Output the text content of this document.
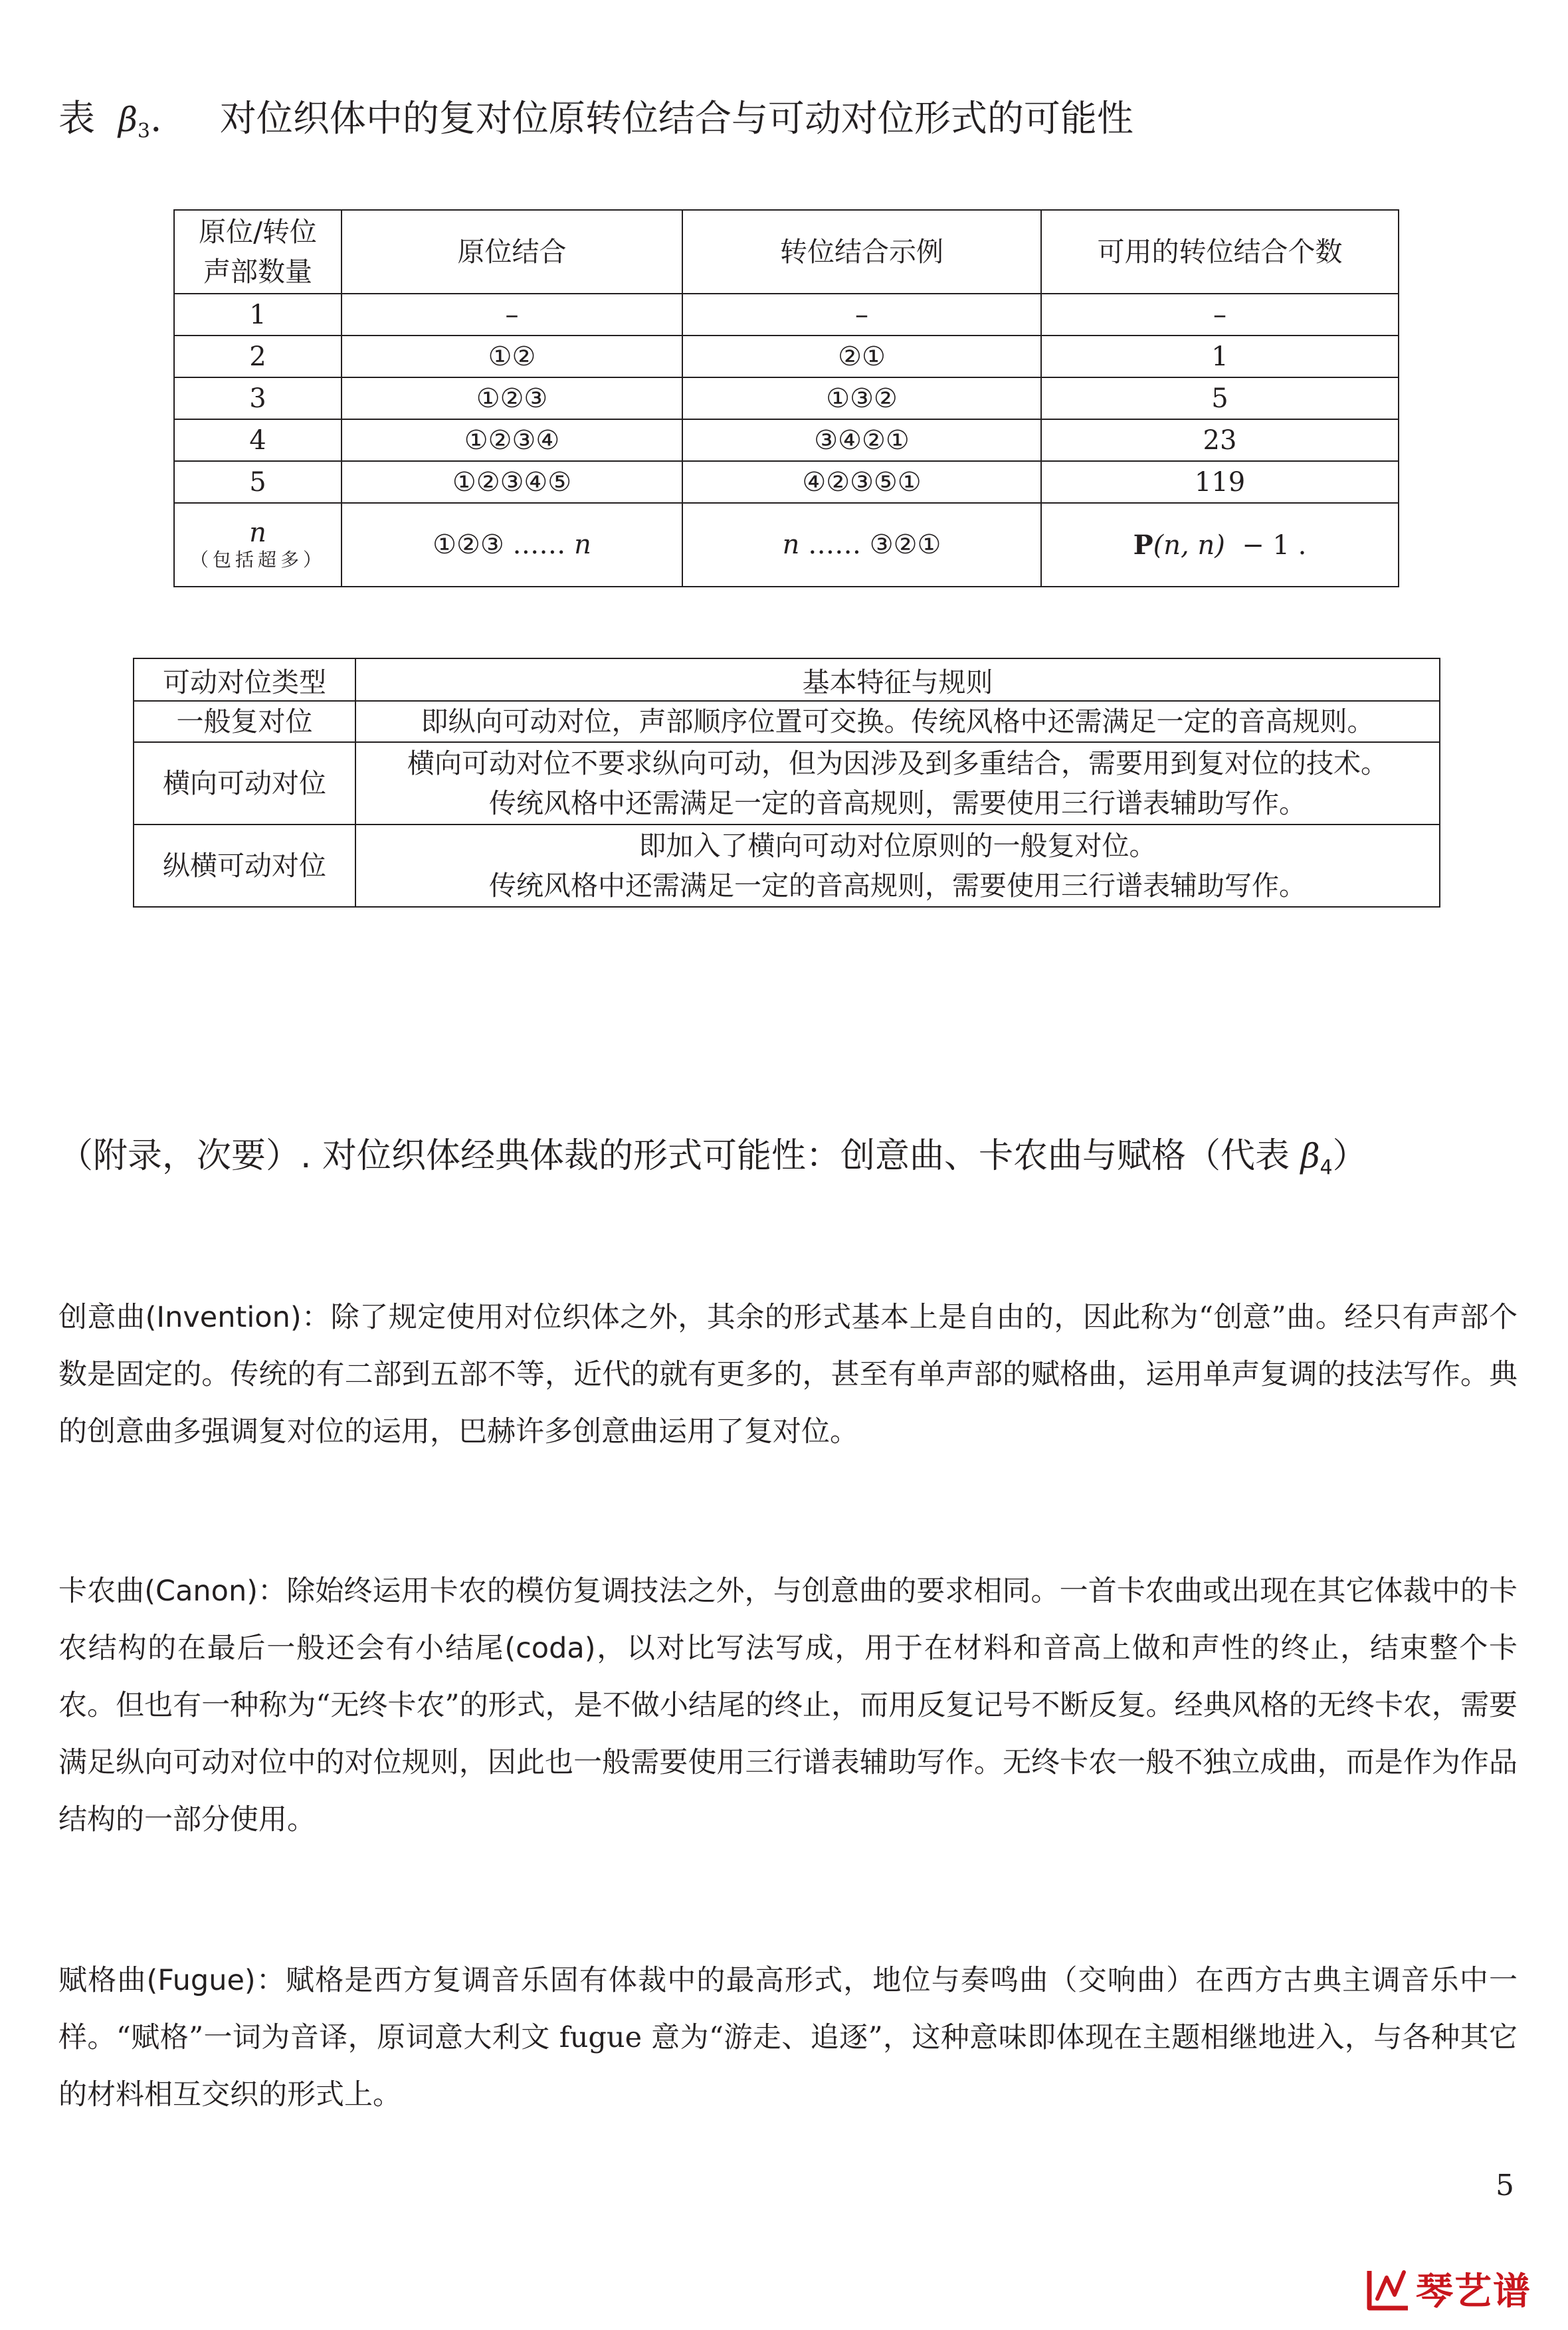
表 $\beta_3$. 对位织体中的复对位原转位结合与可动对位形式的可能性
原位/转位
声部数量	原位结合	转位结合示例	可用的转位结合个数
1	–	–	–
2	①②	②①	1
3	①②③	①③②	5
4	①②③④	③④②①	23
5	①②③④⑤	④②③⑤①	119
n
（包括超多）	①②③ …… n	n …… ③②①	P(n, n) − 1 .
可动对位类型	基本特征与规则
一般复对位	即纵向可动对位，声部顺序位置可交换。传统风格中还需满足一定的音高规则。

横向可动对位	横向可动对位不要求纵向可动，但为因涉及到多重结合，需要用到复对位的技术。
传统风格中还需满足一定的音高规则，需要使用三行谱表辅助写作。

纵横可动对位	即加入了横向可动对位原则的一般复对位。
传统风格中还需满足一定的音高规则，需要使用三行谱表辅助写作。
（附录，次要）. 对位织体经典体裁的形式可能性：创意曲、卡农曲与赋格（代表 $\beta_4$）

创意曲(Invention)：除了规定使用对位织体之外，其余的形式基本上是自由的，因此称为“创意”曲。经只有声部个数是固定的。传统的有二部到五部不等，近代的就有更多的，甚至有单声部的赋格曲，运用单声复调的技法写作。典的创意曲多强调复对位的运用，巴赫许多创意曲运用了复对位。

卡农曲(Canon)：除始终运用卡农的模仿复调技法之外，与创意曲的要求相同。一首卡农曲或出现在其它体裁中的卡农结构的在最后一般还会有小结尾(coda)，以对比写法写成，用于在材料和音高上做和声性的终止，结束整个卡农。但也有一种称为“无终卡农”的形式，是不做小结尾的终止，而用反复记号不断反复。经典风格的无终卡农，需要满足纵向可动对位中的对位规则，因此也一般需要使用三行谱表辅助写作。无终卡农一般不独立成曲，而是作为作品结构的一部分使用。

赋格曲(Fugue)：赋格是西方复调音乐固有体裁中的最高形式，地位与奏鸣曲（交响曲）在西方古典主调音乐中一样。“赋格”一词为音译，原词意大利文 fugue 意为“游走、追逐”，这种意味即体现在主题相继地进入，与各种其它的材料相互交织的形式上。

5
琴艺谱
